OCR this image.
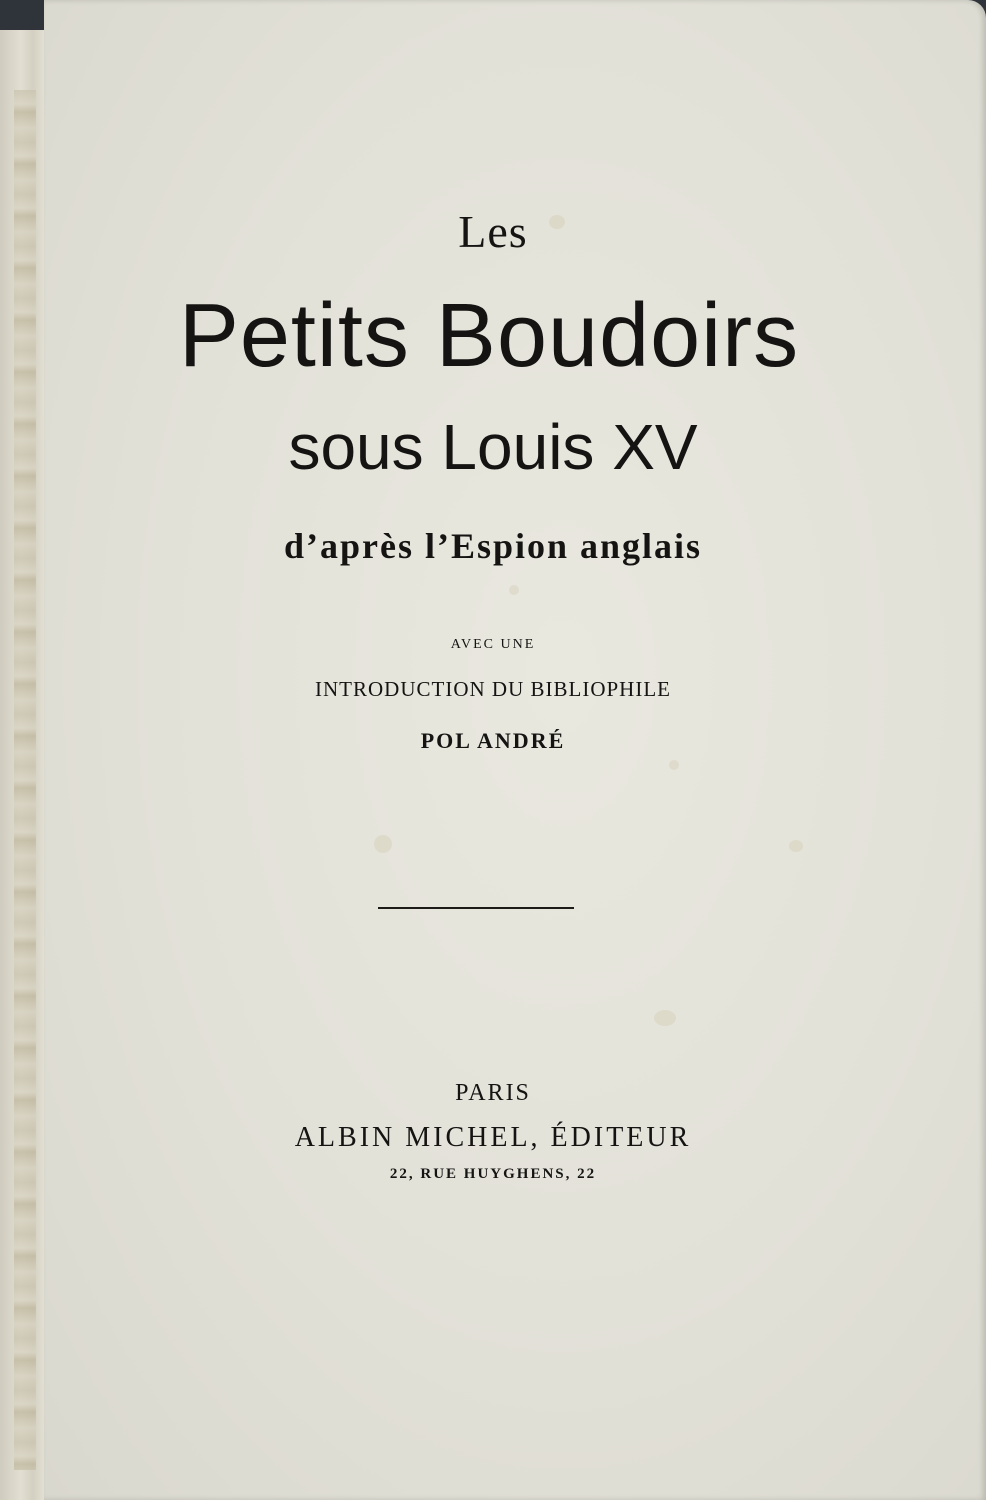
Les
Petits Boudoirs
sous Louis XV
d’après l’Espion anglais
AVEC UNE
INTRODUCTION DU BIBLIOPHILE
POL ANDRÉ
PARIS
ALBIN MICHEL, ÉDITEUR
22, RUE HUYGHENS, 22
